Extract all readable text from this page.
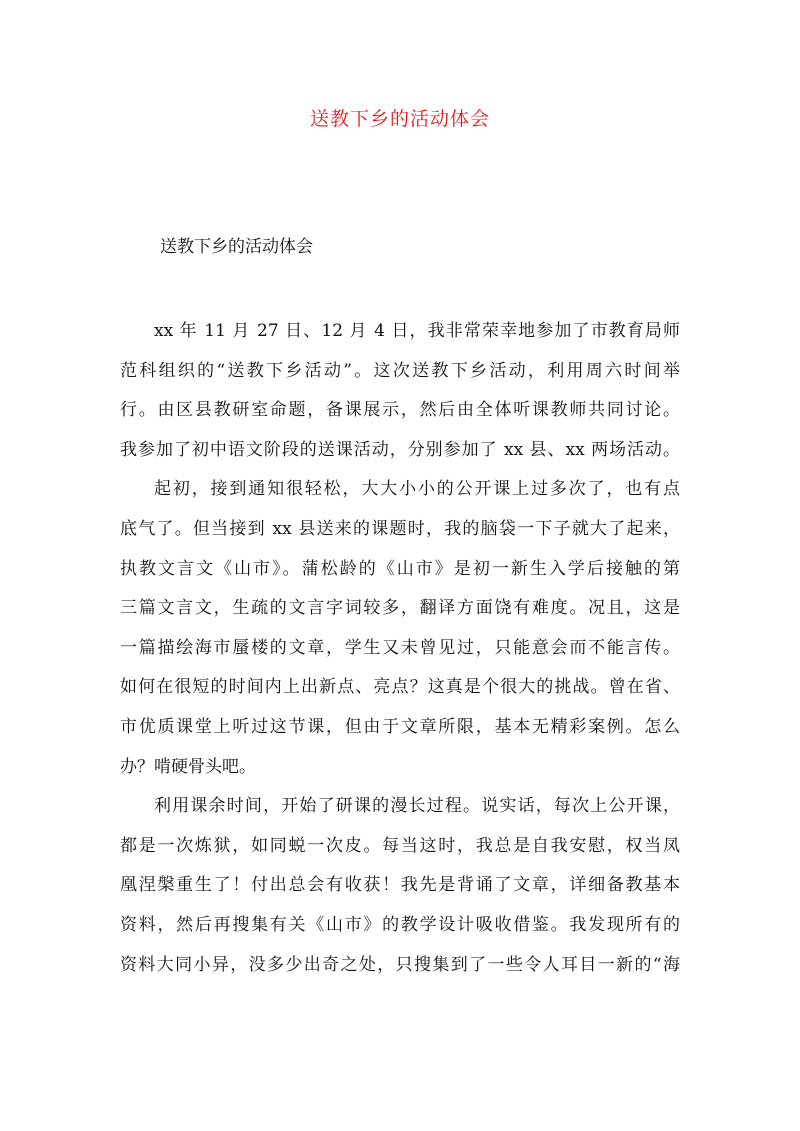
送教下乡的活动体会
送教下乡的活动体会

xx 年 11 月 27 日、12 月 4 日，我非常荣幸地参加了市教育局师
范科组织的“送教下乡活动”。这次送教下乡活动，利用周六时间举
行。由区县教研室命题，备课展示，然后由全体听课教师共同讨论。
我参加了初中语文阶段的送课活动，分别参加了 xx 县、xx 两场活动。

起初，接到通知很轻松，大大小小的公开课上过多次了，也有点
底气了。但当接到 xx 县送来的课题时，我的脑袋一下子就大了起来，
执教文言文《山市》。蒲松龄的《山市》是初一新生入学后接触的第
三篇文言文，生疏的文言字词较多，翻译方面饶有难度。况且，这是
一篇描绘海市蜃楼的文章，学生又未曾见过，只能意会而不能言传。
如何在很短的时间内上出新点、亮点？这真是个很大的挑战。曾在省、
市优质课堂上听过这节课，但由于文章所限，基本无精彩案例。怎么
办？啃硬骨头吧。

利用课余时间，开始了研课的漫长过程。说实话，每次上公开课，
都是一次炼狱，如同蜕一次皮。每当这时，我总是自我安慰，权当凤
凰涅槃重生了！付出总会有收获！我先是背诵了文章，详细备教基本
资料，然后再搜集有关《山市》的教学设计吸收借鉴。我发现所有的
资料大同小异，没多少出奇之处，只搜集到了一些令人耳目一新的“海
